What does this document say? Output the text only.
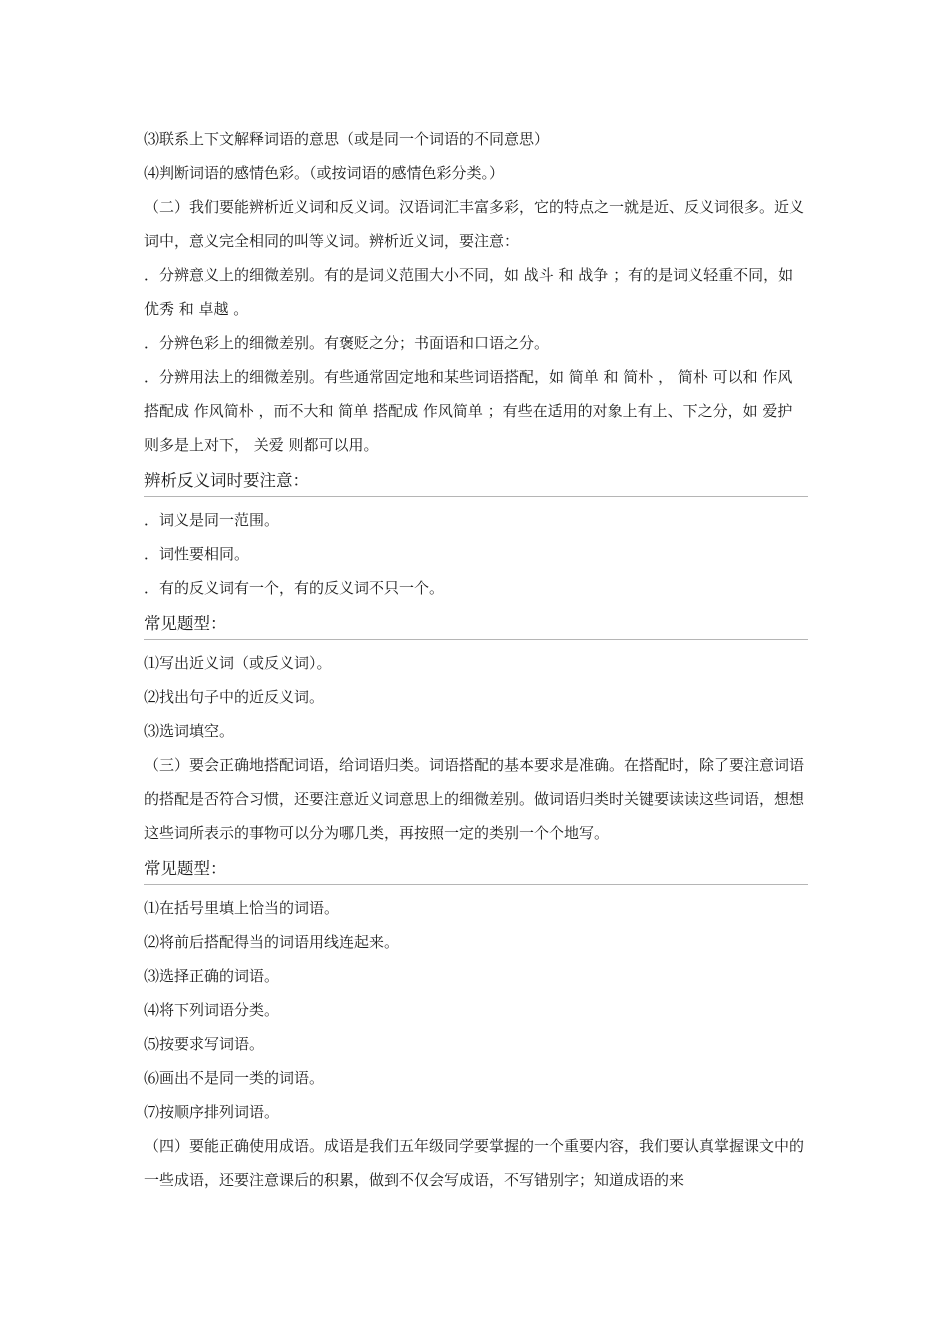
⑶联系上下文解释词语的意思（或是同一个词语的不同意思）

⑷判断词语的感情色彩。（或按词语的感情色彩分类。）

（二）我们要能辨析近义词和反义词。汉语词汇丰富多彩，它的特点之一就是近、反义词很多。近义词中，意义完全相同的叫等义词。辨析近义词，要注意：

．分辨意义上的细微差别。有的是词义范围大小不同，如 战斗 和 战争 ；有的是词义轻重不同，如 优秀 和 卓越 。

．分辨色彩上的细微差别。有褒贬之分；书面语和口语之分。

．分辨用法上的细微差别。有些通常固定地和某些词语搭配，如 简单 和 简朴 ， 简朴 可以和 作风 搭配成 作风简朴 ，而不大和 简单 搭配成 作风简单 ；有些在适用的对象上有上、下之分，如 爱护 则多是上对下， 关爱 则都可以用。

辨析反义词时要注意：

．词义是同一范围。

．词性要相同。

．有的反义词有一个，有的反义词不只一个。

常见题型：

⑴写出近义词（或反义词）。

⑵找出句子中的近反义词。

⑶选词填空。

（三）要会正确地搭配词语，给词语归类。词语搭配的基本要求是准确。在搭配时，除了要注意词语的搭配是否符合习惯，还要注意近义词意思上的细微差别。做词语归类时关键要读读这些词语，想想这些词所表示的事物可以分为哪几类，再按照一定的类别一个个地写。

常见题型：

⑴在括号里填上恰当的词语。

⑵将前后搭配得当的词语用线连起来。

⑶选择正确的词语。

⑷将下列词语分类。

⑸按要求写词语。

⑹画出不是同一类的词语。

⑺按顺序排列词语。

（四）要能正确使用成语。成语是我们五年级同学要掌握的一个重要内容，我们要认真掌握课文中的一些成语，还要注意课后的积累，做到不仅会写成语，不写错别字；知道成语的来
